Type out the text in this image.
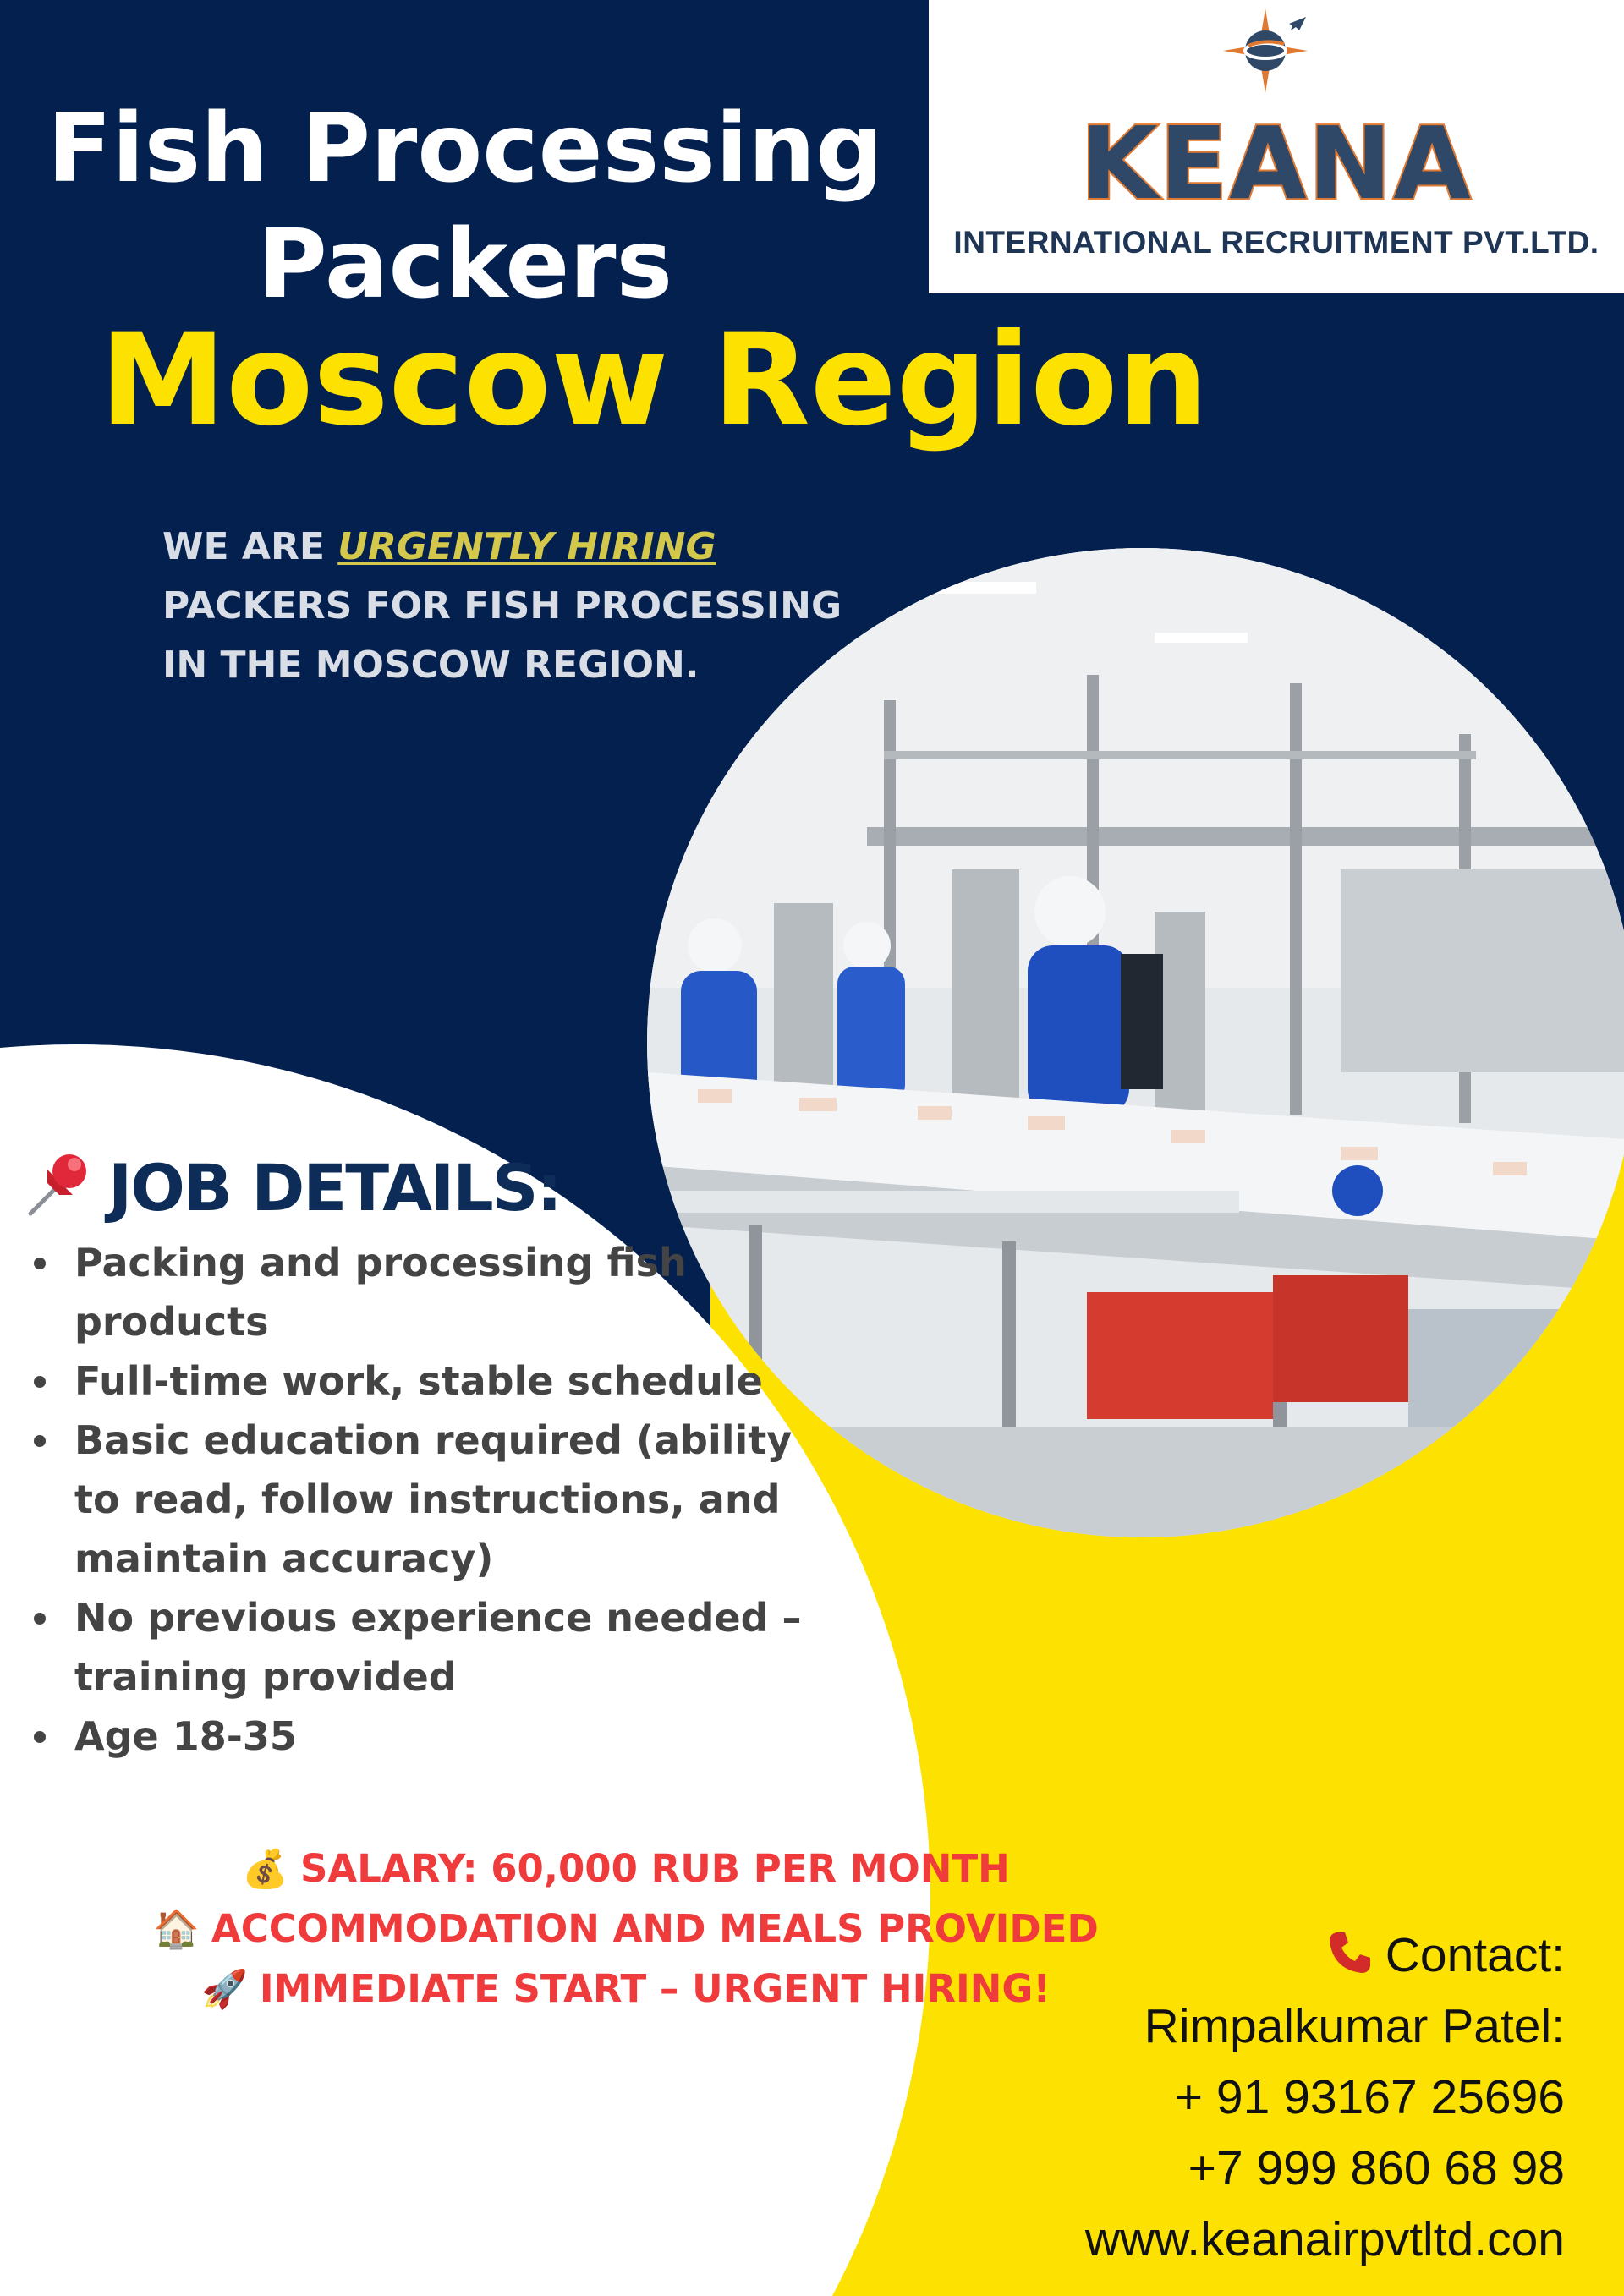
KEANA
INTERNATIONAL RECRUITMENT PVT.LTD.
Fish Processing
Packers
Moscow Region
WE ARE URGENTLY HIRING
PACKERS FOR FISH PROCESSING
IN THE MOSCOW REGION.
JOB DETAILS:
Packing and processing fish products
Full-time work, stable schedule
Basic education required (ability to read, follow instructions, and maintain accuracy)
No previous experience needed – training provided
Age 18-35
💰 SALARY: 60,000 RUB PER MONTH
🏠 ACCOMMODATION AND MEALS PROVIDED
🚀 IMMEDIATE START – URGENT HIRING!
Contact:
Rimpalkumar Patel:
+ 91 93167 25696
+7 999 860 68 98
www.keanairpvtltd.con
